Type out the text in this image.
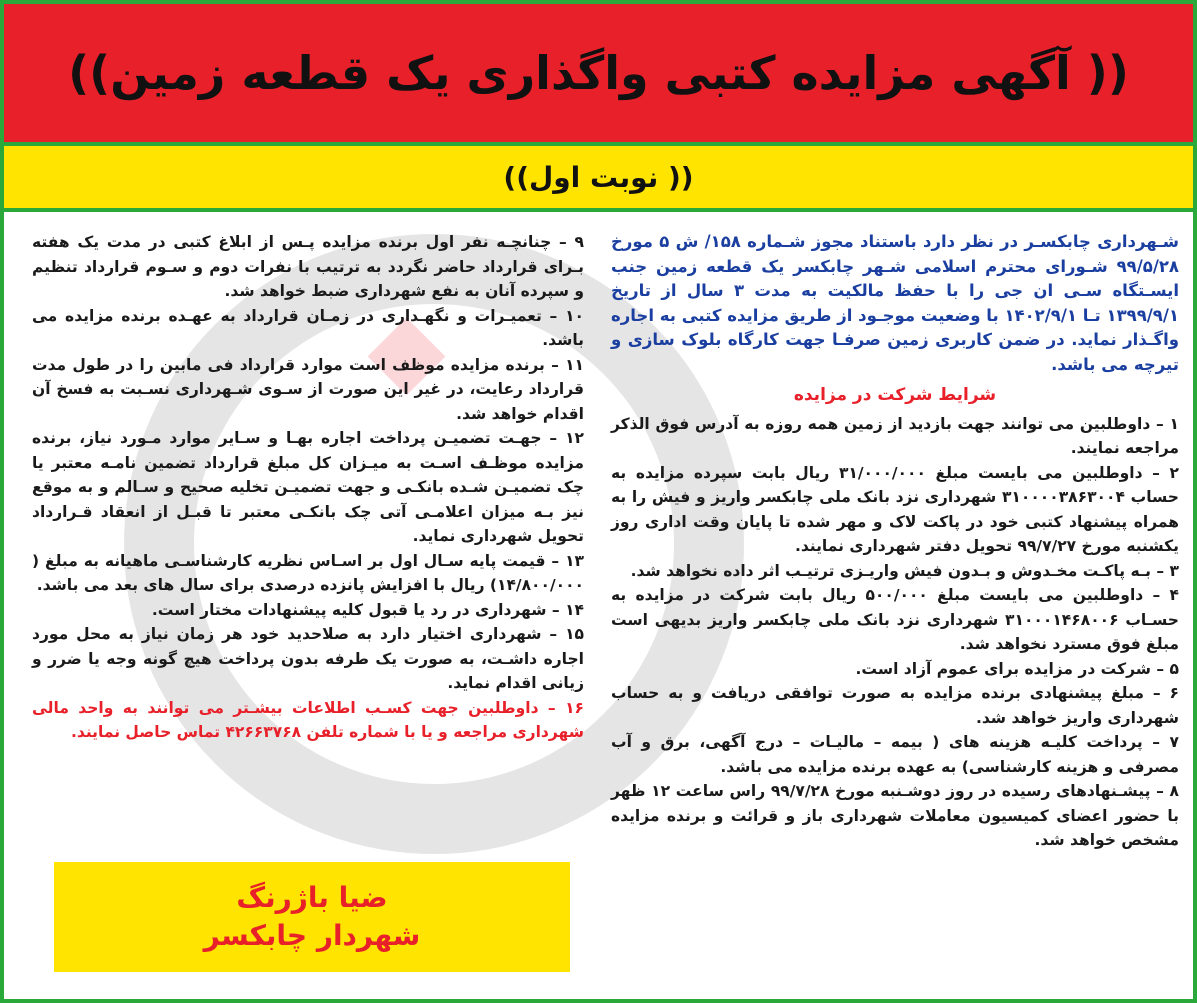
(( آگهی مزایده کتبی واگذاری یک قطعه زمین))
(( نوبت اول))

شـهرداری چابکسـر در نظر دارد باستناد مجوز شـماره ۱۵۸/ ش ۵ مورخ ۹۹/۵/۲۸ شـورای محترم اسلامی شـهر چابکسر یک قطعه زمین جنب ایسـتگاه سـی ان جی را با حفظ مالکیت به مدت ۳ سال از تاریخ ۱۳۹۹/۹/۱ تـا ۱۴۰۲/۹/۱ با وضعیت موجـود از طریق مزایده کتبی به اجاره واگـذار نماید. در ضمن کاربری زمین صرفـا جهت کارگاه بلوک سازی و تیرچه می باشد.

شرایط شرکت در مزایده

۱ – داوطلبین می توانند جهت بازدید از زمین همه روزه به آدرس فوق الذکر مراجعه نمایند.

۲ – داوطلبین می بایست مبلغ ۳۱/۰۰۰/۰۰۰ ریال بابت سپرده مزایده به حساب ۳۱۰۰۰۰۳۸۶۳۰۰۴ شهرداری نزد بانک ملی چابکسر واریز و فیش را به همراه پیشنهاد کتبی خود در پاکت لاک و مهر شده تا پایان وقت اداری روز یکشنبه مورخ ۹۹/۷/۲۷ تحویل دفتر شهرداری نمایند.

۳ – بـه پاکـت مخـدوش و بـدون فیش واریـزی ترتیـب اثر داده نخواهد شد.

۴ – داوطلبین می بایست مبلغ ۵۰۰/۰۰۰ ریال بابت شرکت در مزایده به حسـاب ۳۱۰۰۰۱۴۶۸۰۰۶ شهرداری نزد بانک ملی چابکسر واریز بدیهی است مبلغ فوق مسترد نخواهد شد.

۵ – شرکت در مزایده برای عموم آزاد است.

۶ – مبلغ پیشنهادی برنده مزایده به صورت توافقی دریافت و به حساب شهرداری واریز خواهد شد.

۷ – پرداخت کلیـه هزینه های ( بیمه – مالیـات – درج آگهی، برق و آب مصرفی و هزینه کارشناسی) به عهده برنده مزایده می باشد.

۸ – پیشـنهادهای رسیده در روز دوشـنبه مورخ ۹۹/۷/۲۸ راس ساعت ۱۲ ظهر با حضور اعضای کمیسیون معاملات شهرداری باز و قرائت و برنده مزایده مشخص خواهد شد.

۹ – چنانچـه نفر اول برنده مزایده پـس از ابلاغ کتبی در مدت یک هفته بـرای قرارداد حاضر نگردد به ترتیب با نفرات دوم و سـوم قرارداد تنظیم و سپرده آنان به نفع شهرداری ضبط خواهد شد.

۱۰ – تعمیـرات و نگهـداری در زمـان قرارداد به عهـده برنده مزایده می باشد.

۱۱ – برنده مزایده موظف است موارد قرارداد فی مابین را در طول مدت قرارداد رعایت، در غیر این صورت از سـوی شـهرداری نسـبت به فسخ آن اقدام خواهد شد.

۱۲ – جهـت تضمیـن پرداخت اجاره بهـا و سـایر موارد مـورد نیاز، برنده مزایده موظـف اسـت به میـزان کل مبلغ قرارداد تضمین نامـه معتبر یا چک تضمیـن شـده بانکـی و جهت تضمیـن تخلیه صحیح و سـالم و به موقع نیز بـه میزان اعلامـی آتی چک بانکـی معتبر تا قبـل از انعقاد قـرارداد تحویل شهرداری نماید.

۱۳ – قیمت پایه سـال اول بر اسـاس نظریه کارشناسـی ماهیانه به مبلغ ( ۱۴/۸۰۰/۰۰۰) ریال با افزایش پانزده درصدی برای سال های بعد می باشد.

۱۴ – شهرداری در رد یا قبول کلیه پیشنهادات مختار است.

۱۵ – شهرداری اختیار دارد به صلاحدید خود هر زمان نیاز به محل مورد اجاره داشـت، به صورت یک طرفه بدون پرداخت هیچ گونه وجه یا ضرر و زیانی اقدام نماید.

۱۶ – داوطلبین جهت کسـب اطلاعات بیشـتر می توانند به واحد مالی شهرداری مراجعه و یا با شماره تلفن ۴۲۶۶۳۷۶۸ تماس حاصل نمایند.

ضیا باژرنگ
شهردار چابکسر
